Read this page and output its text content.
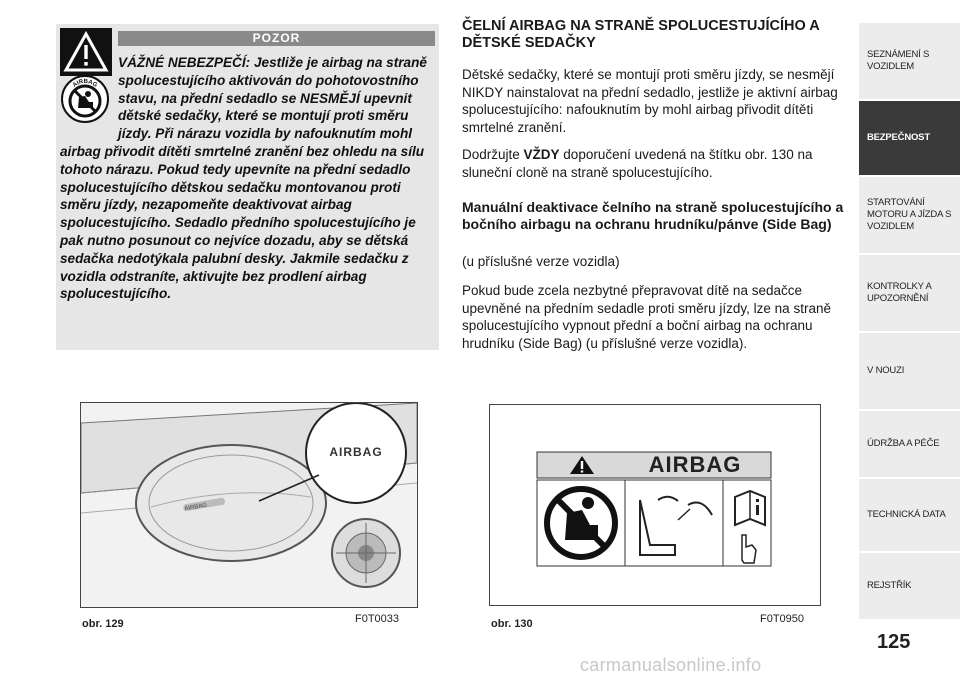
POZOR
AIRBAG
VÁŽNÉ NEBEZPEČÍ: Jestliže je airbag na straně spolucestujícího aktivován do pohotovostního stavu, na přední sedadlo se NESMĚJÍ upevnit dětské sedačky, které se montují proti směru jízdy. Při nárazu vozidla by nafouknutím mohl airbag přivodit dítěti smrtelné zranění bez ohledu na sílu tohoto nárazu. Pokud tedy upevníte na přední sedadlo spolucestujícího dětskou sedačku montovanou proti směru jízdy, nezapomeňte deaktivovat airbag spolucestujícího. Sedadlo předního spolucestujícího je pak nutno posunout co nejvíce dozadu, aby se dětská sedačka nedotýkala palubní desky. Jakmile sedačku z vozidla odstraníte, aktivujte bez prodlení airbag spolucestujícího.
ČELNÍ AIRBAG NA STRANĚ SPOLUCESTUJÍCÍHO A DĚTSKÉ SEDAČKY
Dětské sedačky, které se montují proti směru jízdy, se nesmějí NIKDY nainstalovat na přední sedadlo, jestliže je aktivní airbag spolucestujícího: nafouknutím by mohl airbag přivodit dítěti smrtelné zranění.
Dodržujte VŽDY doporučení uvedená na štítku obr. 130 na sluneční cloně na straně spolucestujícího.
Manuální deaktivace čelního na straně spolucestujícího a bočního airbagu na ochranu hrudníku/pánve (Side Bag)
(u příslušné verze vozidla)
Pokud bude zcela nezbytné přepravovat dítě na sedačce upevněné na předním sedadle proti směru jízdy, lze na straně spolucestujícího vypnout přední a boční airbag na ochranu hrudníku (Side Bag) (u příslušné verze vozidla).
AIRBAG
AIRBAG
obr. 129	F0T0033
AIRBAG
obr. 130	F0T0950
SEZNÁMENÍ S VOZIDLEM
BEZPEČNOST
STARTOVÁNÍ MOTORU A JÍZDA S VOZIDLEM
KONTROLKY A UPOZORNĚNÍ
V NOUZI
ÚDRŽBA A PÉČE
TECHNICKÁ DATA
REJSTŘÍK
125
carmanualsonline.info
